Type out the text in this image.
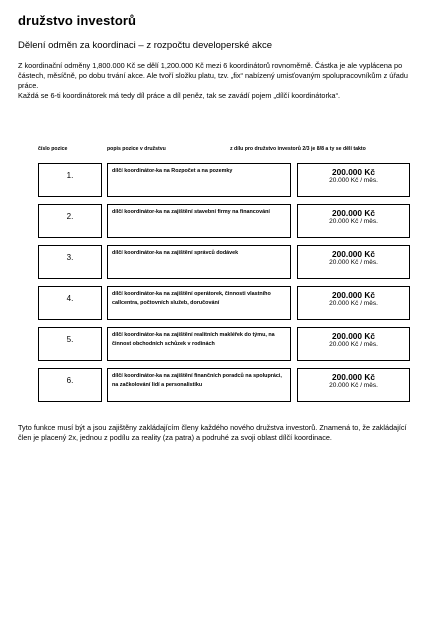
družstvo investorů
Dělení odměn za koordinaci – z rozpočtu developerské akce

Z koordinační odměny 1,800.000 Kč se dělí 1,200.000 Kč mezi 6 koordinátorů rovnoměrně. Částka je ale vyplácena po částech, měsíčně, po dobu trvání akce. Ale tvoří složku platu, tzv. „fix“ nabízený umisťovaným spolupracovníkům z úřadu práce.

Každá se 6-ti koordinátorek má tedy díl práce a díl peněz, tak se zavádí pojem „dílčí koordinátorka“.

číslo pozice	popis pozice v družstvu	z dílu pro družstvo investorů 2/3 je 8/8 a ty se dělí takto
1.	dílčí koordinátor-ka na Rozpočet a na pozemky	200.000 Kč
20.000 Kč / měs.
2.	dílčí koordinátor-ka na zajištění stavební firmy na financování	200.000 Kč
20.000 Kč / měs.
3.	dílčí koordinátor-ka na zajištění správců dodávek	200.000 Kč
20.000 Kč / měs.
4.	dílčí koordinátor-ka na zajištění operátorek, činnosti vlastního callcentra, počtovních služeb, doručování
200.000 Kč
20.000 Kč / měs.
5.	dílčí koordinátor-ka na zajištění realitních makléřek do týmu, na činnost obchodních schůzek v rodinách
200.000 Kč
20.000 Kč / měs.
6.	dílčí koordinátor-ka na zajištění finančních poradců na spolupráci, na začkolování lidí a personalistiku
200.000 Kč
20.000 Kč / měs.
Tyto funkce musí být a jsou zajištěny zakládajícím členy každého nového družstva investorů. Znamená to, že zakládající člen je placený 2x, jednou z podílu za reality (za patra) a podruhé za svoji oblast dílčí koordinace.
